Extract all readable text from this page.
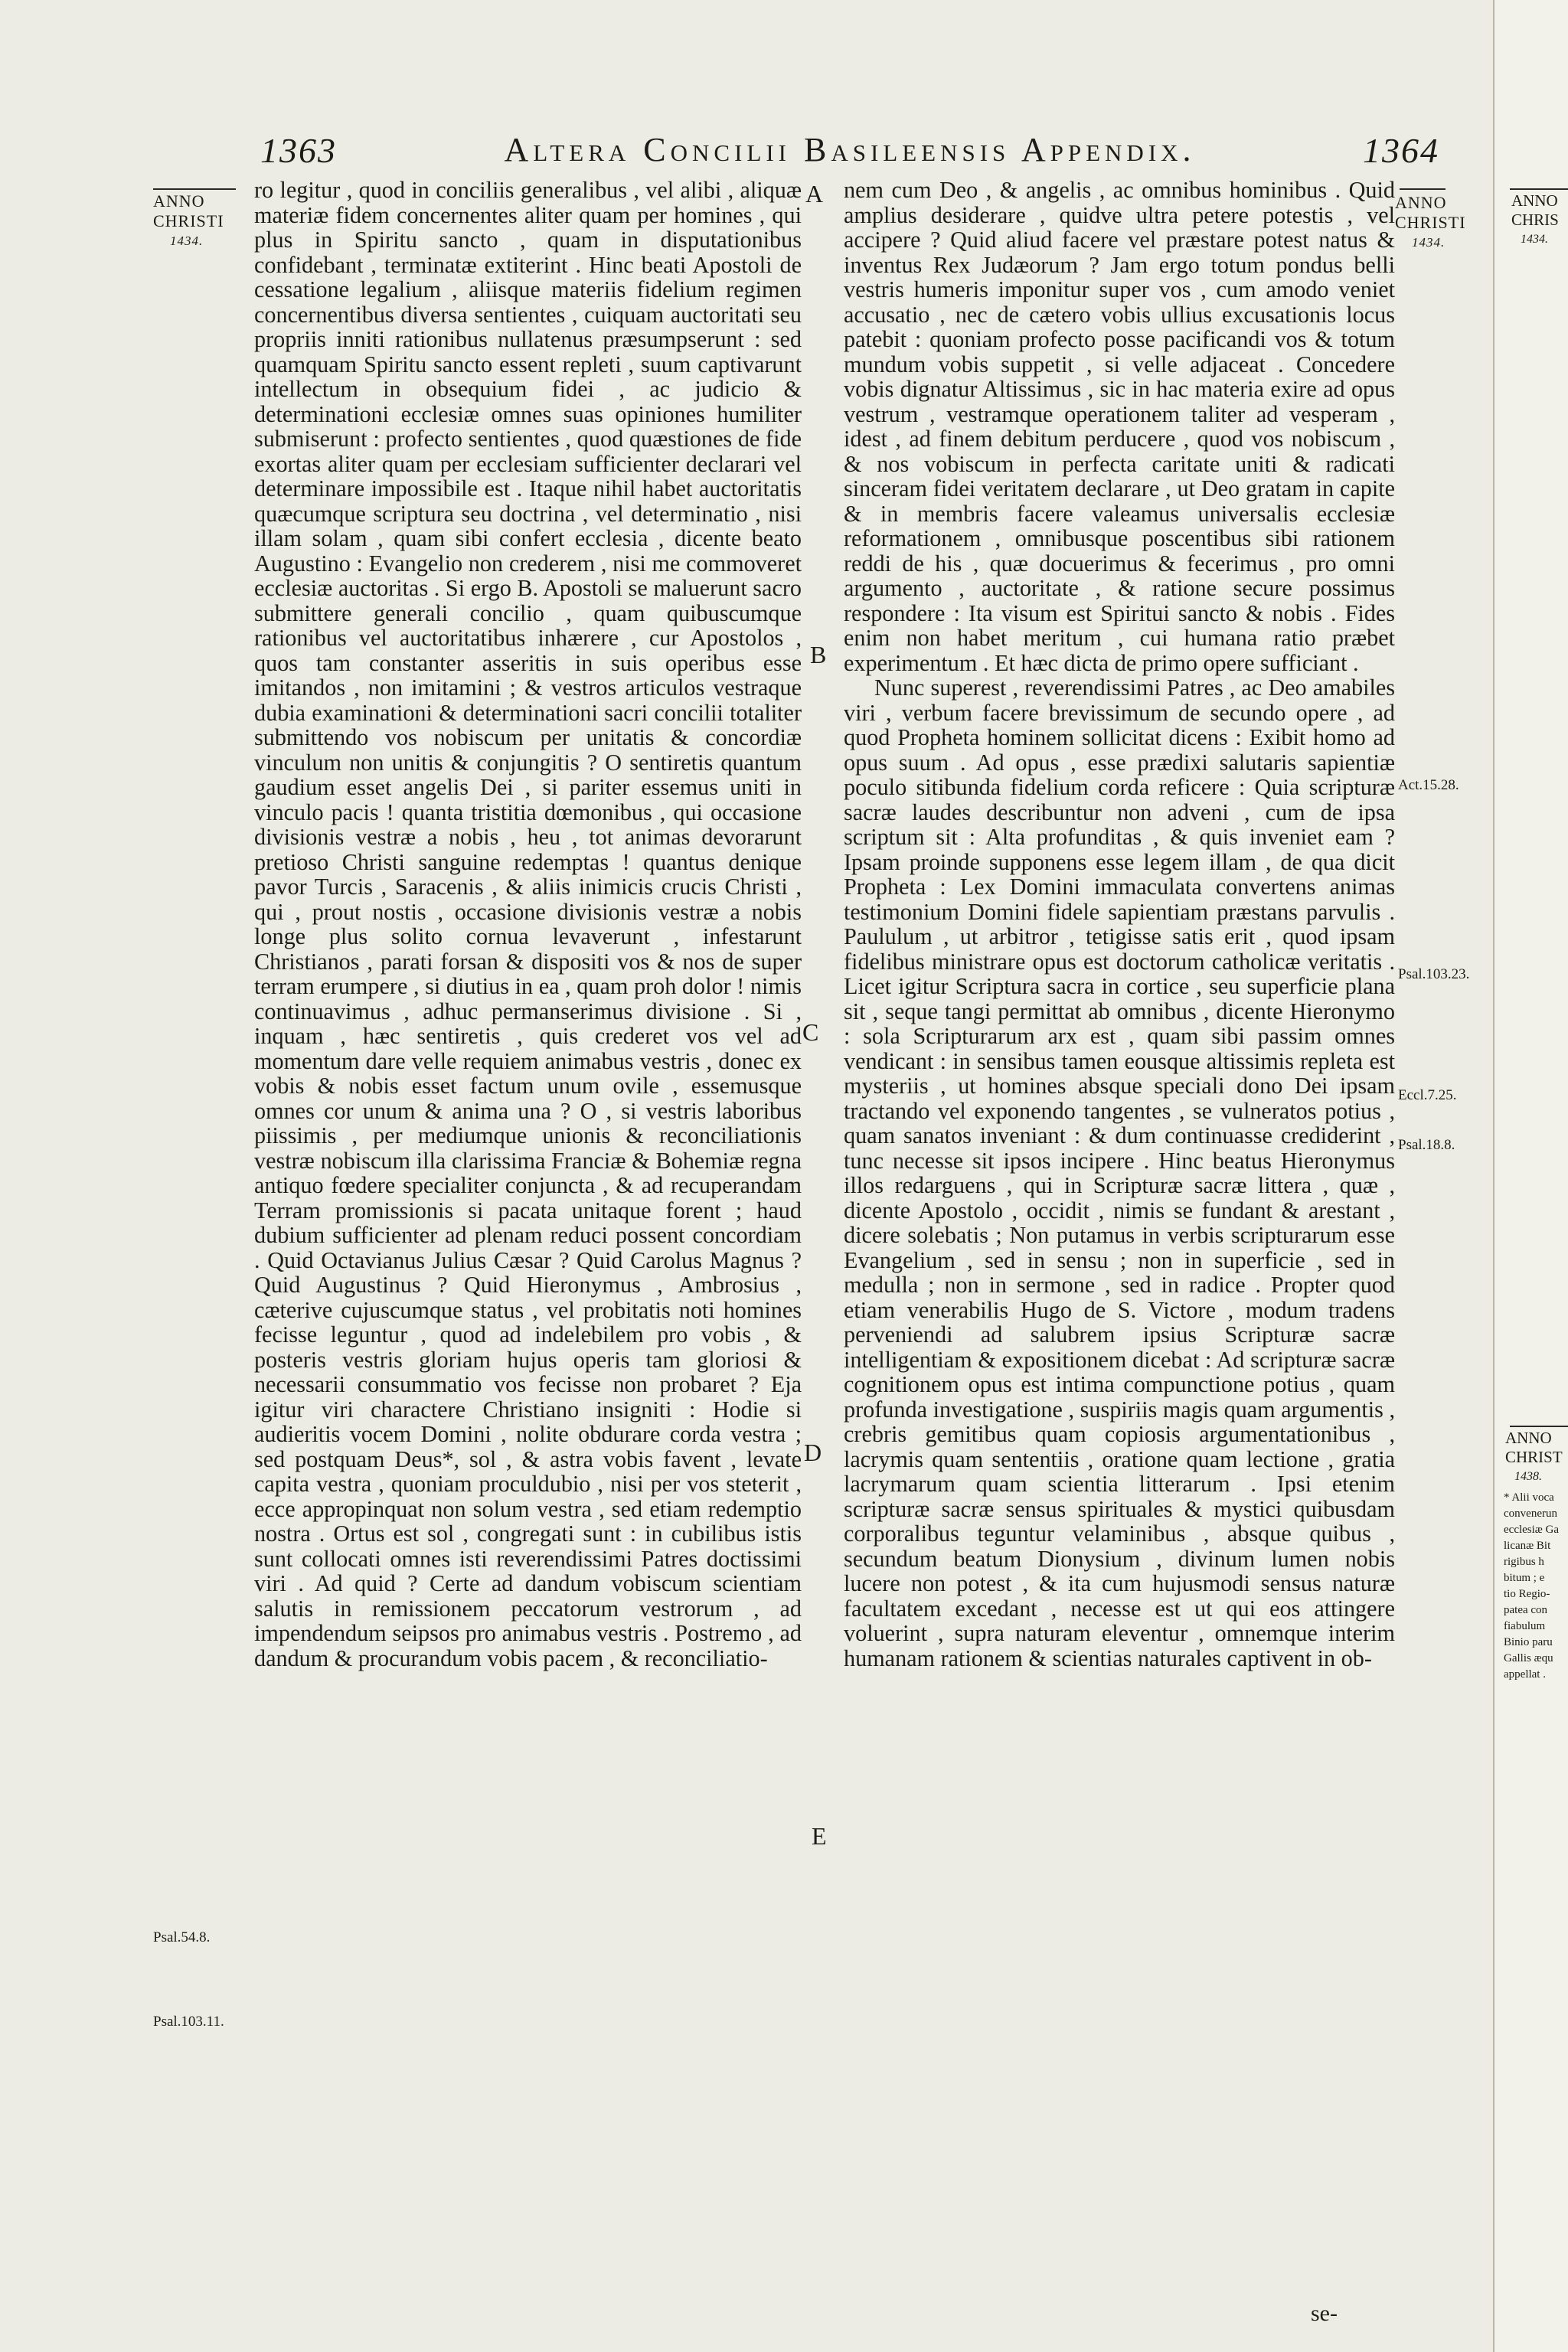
1363	Altera Concilii Basileensis Appendix.	1364
ANNO
CHRISTI
1434.
ANNO
CHRISTI
1434.
A
B
C
D
E
Psal.54.8.
Psal.103.11.
Act.15.28.
Psal.103.23.
Eccl.7.25.
Psal.18.8.

ro legitur , quod in conciliis generalibus , vel alibi , aliquæ materiæ fidem concernentes aliter quam per homines , qui plus in Spiritu sancto , quam in disputationibus confidebant , terminatæ extiterint . Hinc beati Apostoli de cessatione legalium , aliisque materiis fidelium regimen concernentibus diversa sentientes , cuiquam auctoritati seu propriis inniti rationibus nullatenus præsumpserunt : sed quamquam Spiritu sancto essent repleti , suum captivarunt intellectum in obsequium fidei , ac judicio & determinationi ecclesiæ omnes suas opiniones humiliter submiserunt : profecto sentientes , quod quæstiones de fide exortas aliter quam per ecclesiam sufficienter declarari vel determinare impossibile est . Itaque nihil habet auctoritatis quæcumque scriptura seu doctrina , vel determinatio , nisi illam solam , quam sibi confert ecclesia , dicente beato Augustino : Evangelio non crederem , nisi me commoveret ecclesiæ auctoritas . Si ergo B. Apostoli se maluerunt sacro submittere generali concilio , quam quibuscumque rationibus vel auctoritatibus inhærere , cur Apostolos , quos tam constanter asseritis in suis operibus esse imitandos , non imitamini ; & vestros articulos vestraque dubia examinationi & determinationi sacri concilii totaliter submittendo vos nobiscum per unitatis & concordiæ vinculum non unitis & conjungitis ? O sentiretis quantum gaudium esset angelis Dei , si pariter essemus uniti in vinculo pacis ! quanta tristitia dœmonibus , qui occasione divisionis vestræ a nobis , heu , tot animas devorarunt pretioso Christi sanguine redemptas ! quantus denique pavor Turcis , Saracenis , & aliis inimicis crucis Christi , qui , prout nostis , occasione divisionis vestræ a nobis longe plus solito cornua levaverunt , infestarunt Christianos , parati forsan & dispositi vos & nos de super terram erumpere , si diutius in ea , quam proh dolor ! nimis continuavimus , adhuc permanserimus divisione . Si , inquam , hæc sentiretis , quis crederet vos vel ad momentum dare velle requiem animabus vestris , donec ex vobis & nobis esset factum unum ovile , essemusque omnes cor unum & anima una ? O , si vestris laboribus piissimis , per mediumque unionis & reconciliationis vestræ nobiscum illa clarissima Franciæ & Bohemiæ regna antiquo fœdere specialiter conjuncta , & ad recuperandam Terram promissionis si pacata unitaque forent ; haud dubium sufficienter ad plenam reduci possent concordiam . Quid Octavianus Julius Cæsar ? Quid Carolus Magnus ? Quid Augustinus ? Quid Hieronymus , Ambrosius , cæterive cujuscumque status , vel probitatis noti homines fecisse leguntur , quod ad indelebilem pro vobis , & posteris vestris gloriam hujus operis tam gloriosi & necessarii consummatio vos fecisse non probaret ? Eja igitur viri charactere Christiano insigniti : Hodie si audieritis vocem Domini , nolite obdurare corda vestra ; sed postquam Deus*, sol , & astra vobis favent , levate capita vestra , quoniam proculdubio , nisi per vos steterit , ecce appropinquat non solum vestra , sed etiam redemptio nostra . Ortus est sol , congregati sunt : in cubilibus istis sunt collocati omnes isti reverendissimi Patres doctissimi viri . Ad quid ? Certe ad dandum vobiscum scientiam salutis in remissionem peccatorum vestrorum , ad impendendum seipsos pro animabus vestris . Postremo , ad dandum & procurandum vobis pacem , & reconciliatio-

nem cum Deo , & angelis , ac omnibus hominibus . Quid amplius desiderare , quidve ultra petere potestis , vel accipere ? Quid aliud facere vel præstare potest natus & inventus Rex Judæorum ? Jam ergo totum pondus belli vestris humeris imponitur super vos , cum amodo veniet accusatio , nec de cætero vobis ullius excusationis locus patebit : quoniam profecto posse pacificandi vos & totum mundum vobis suppetit , si velle adjaceat . Concedere vobis dignatur Altissimus , sic in hac materia exire ad opus vestrum , vestramque operationem taliter ad vesperam , idest , ad finem debitum perducere , quod vos nobiscum , & nos vobiscum in perfecta caritate uniti & radicati sinceram fidei veritatem declarare , ut Deo gratam in capite & in membris facere valeamus universalis ecclesiæ reformationem , omnibusque poscentibus sibi rationem reddi de his , quæ docuerimus & fecerimus , pro omni argumento , auctoritate , & ratione secure possimus respondere : Ita visum est Spiritui sancto & nobis . Fides enim non habet meritum , cui humana ratio præbet experimentum . Et hæc dicta de primo opere sufficiant .

Nunc superest , reverendissimi Patres , ac Deo amabiles viri , verbum facere brevissimum de secundo opere , ad quod Propheta hominem sollicitat dicens : Exibit homo ad opus suum . Ad opus , esse prædixi salutaris sapientiæ poculo sitibunda fidelium corda reficere : Quia scripturæ sacræ laudes describuntur non adveni , cum de ipsa scriptum sit : Alta profunditas , & quis inveniet eam ? Ipsam proinde supponens esse legem illam , de qua dicit Propheta : Lex Domini immaculata convertens animas testimonium Domini fidele sapientiam præstans parvulis . Paululum , ut arbitror , tetigisse satis erit , quod ipsam fidelibus ministrare opus est doctorum catholicæ veritatis . Licet igitur Scriptura sacra in cortice , seu superficie plana sit , seque tangi permittat ab omnibus , dicente Hieronymo : sola Scripturarum arx est , quam sibi passim omnes vendicant : in sensibus tamen eousque altissimis repleta est mysteriis , ut homines absque speciali dono Dei ipsam tractando vel exponendo tangentes , se vulneratos potius , quam sanatos inveniant : & dum continuasse crediderint , tunc necesse sit ipsos incipere . Hinc beatus Hieronymus illos redarguens , qui in Scripturæ sacræ littera , quæ , dicente Apostolo , occidit , nimis se fundant & arestant , dicere solebatis ; Non putamus in verbis scripturarum esse Evangelium , sed in sensu ; non in superficie , sed in medulla ; non in sermone , sed in radice . Propter quod etiam venerabilis Hugo de S. Victore , modum tradens perveniendi ad salubrem ipsius Scripturæ sacræ intelligentiam & expositionem dicebat : Ad scripturæ sacræ cognitionem opus est intima compunctione potius , quam profunda investigatione , suspiriis magis quam argumentis , crebris gemitibus quam copiosis argumentationibus , lacrymis quam sententiis , oratione quam lectione , gratia lacrymarum quam scientia litterarum . Ipsi etenim scripturæ sacræ sensus spirituales & mystici quibusdam corporalibus teguntur velaminibus , absque quibus , secundum beatum Dionysium , divinum lumen nobis lucere non potest , & ita cum hujusmodi sensus naturæ facultatem excedant , necesse est ut qui eos attingere voluerint , supra naturam eleventur , omnemque interim humanam rationem & scientias naturales captivent in ob-

se-
ANNO
CHRIS
1434.
ANNO
CHRIST
1438.
* Alii voca
convenerun
ecclesiæ Ga
licanæ Bit
rigibus h
bitum ; e
tio Regio-
patea con
fiabulum
Binio paru
Gallis æqu
appellat .
